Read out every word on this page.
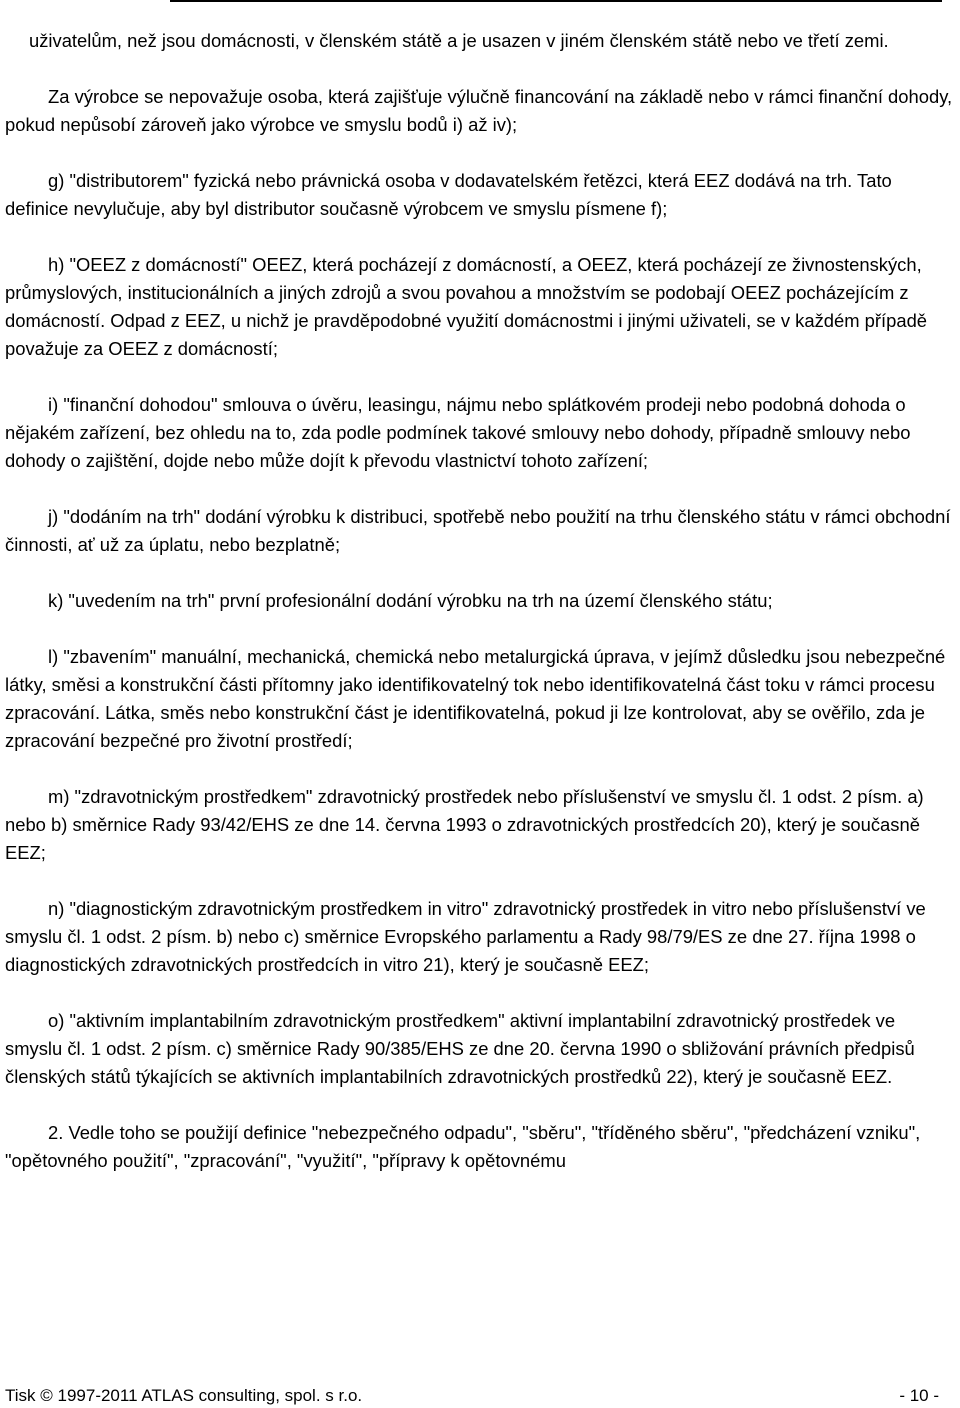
uživatelům, než jsou domácnosti, v členském státě a je usazen v jiném členském státě nebo ve třetí zemi.

Za výrobce se nepovažuje osoba, která zajišťuje výlučně financování na základě nebo v rámci finanční dohody, pokud nepůsobí zároveň jako výrobce ve smyslu bodů i) až iv);

g) "distributorem" fyzická nebo právnická osoba v dodavatelském řetězci, která EEZ dodává na trh. Tato definice nevylučuje, aby byl distributor současně výrobcem ve smyslu písmene f);

h) "OEEZ z domácností" OEEZ, která pocházejí z domácností, a OEEZ, která pocházejí ze živnostenských, průmyslových, institucionálních a jiných zdrojů a svou povahou a množstvím se podobají OEEZ pocházejícím z domácností. Odpad z EEZ, u nichž je pravděpodobné využití domácnostmi i jinými uživateli, se v každém případě považuje za OEEZ z domácností;

i) "finanční dohodou" smlouva o úvěru, leasingu, nájmu nebo splátkovém prodeji nebo podobná dohoda o nějakém zařízení, bez ohledu na to, zda podle podmínek takové smlouvy nebo dohody, případně smlouvy nebo dohody o zajištění, dojde nebo může dojít k převodu vlastnictví tohoto zařízení;

j) "dodáním na trh" dodání výrobku k distribuci, spotřebě nebo použití na trhu členského státu v rámci obchodní činnosti, ať už za úplatu, nebo bezplatně;

k) "uvedením na trh" první profesionální dodání výrobku na trh na území členského státu;

l) "zbavením" manuální, mechanická, chemická nebo metalurgická úprava, v jejímž důsledku jsou nebezpečné látky, směsi a konstrukční části přítomny jako identifikovatelný tok nebo identifikovatelná část toku v rámci procesu zpracování. Látka, směs nebo konstrukční část je identifikovatelná, pokud ji lze kontrolovat, aby se ověřilo, zda je zpracování bezpečné pro životní prostředí;

m) "zdravotnickým prostředkem" zdravotnický prostředek nebo příslušenství ve smyslu čl. 1 odst. 2 písm. a) nebo b) směrnice Rady 93/42/EHS ze dne 14. června 1993 o zdravotnických prostředcích 20), který je současně EEZ;

n) "diagnostickým zdravotnickým prostředkem in vitro" zdravotnický prostředek in vitro nebo příslušenství ve smyslu čl. 1 odst. 2 písm. b) nebo c) směrnice Evropského parlamentu a Rady 98/79/ES ze dne 27. října 1998 o diagnostických zdravotnických prostředcích in vitro 21), který je současně EEZ;

o) "aktivním implantabilním zdravotnickým prostředkem" aktivní implantabilní zdravotnický prostředek ve smyslu čl. 1 odst. 2 písm. c) směrnice Rady 90/385/EHS ze dne 20. června 1990 o sbližování právních předpisů členských států týkajících se aktivních implantabilních zdravotnických prostředků 22), který je současně EEZ.

2. Vedle toho se použijí definice "nebezpečného odpadu", "sběru", "tříděného sběru", "předcházení vzniku", "opětovného použití", "zpracování", "využití", "přípravy k opětovnému

Tisk © 1997-2011 ATLAS consulting, spol. s r.o.	- 10 -
